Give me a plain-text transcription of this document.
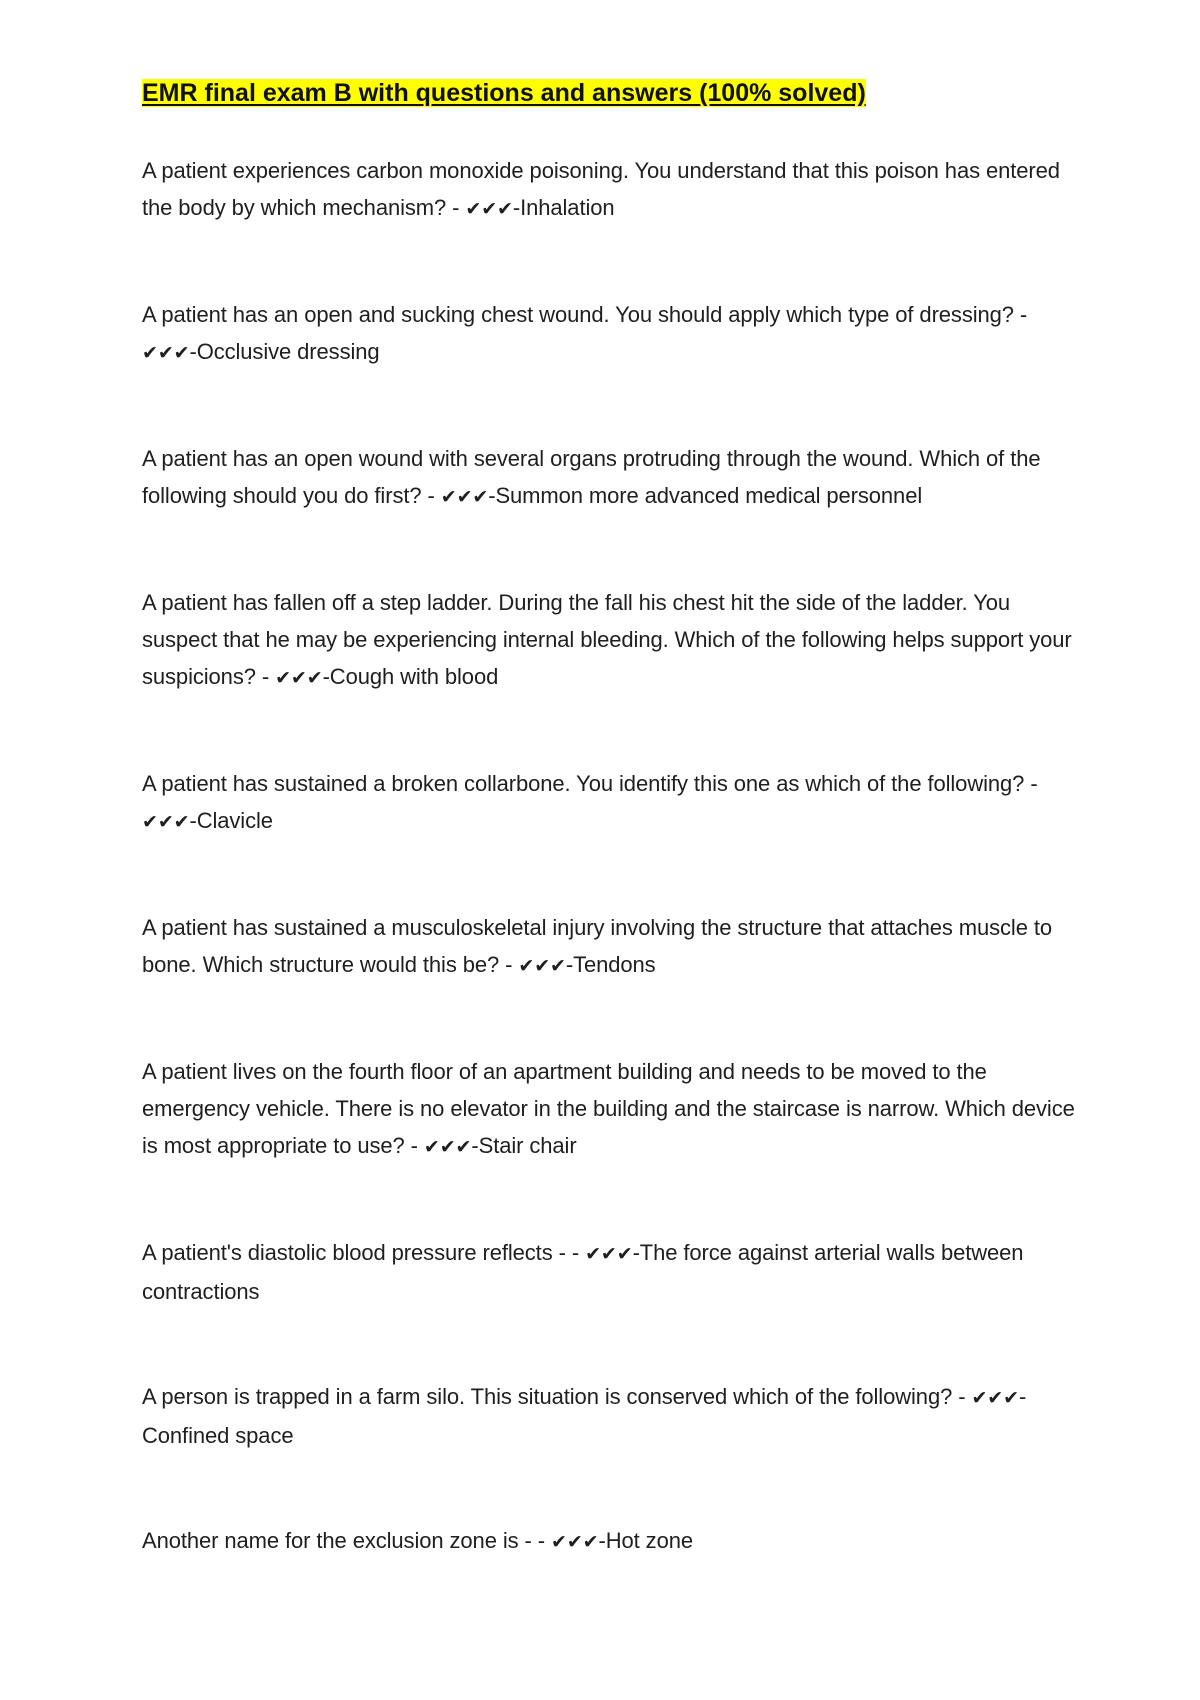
EMR final exam B with questions and answers (100% solved)

A patient experiences carbon monoxide poisoning. You understand that this poison has entered the body by which mechanism? - ✔✔✔-Inhalation

A patient has an open and sucking chest wound. You should apply which type of dressing? - ✔✔✔-Occlusive dressing

A patient has an open wound with several organs protruding through the wound. Which of the following should you do first? - ✔✔✔-Summon more advanced medical personnel

A patient has fallen off a step ladder. During the fall his chest hit the side of the ladder. You suspect that he may be experiencing internal bleeding. Which of the following helps support your suspicions? - ✔✔✔-Cough with blood

A patient has sustained a broken collarbone. You identify this one as which of the following? - ✔✔✔-Clavicle

A patient has sustained a musculoskeletal injury involving the structure that attaches muscle to bone. Which structure would this be? - ✔✔✔-Tendons

A patient lives on the fourth floor of an apartment building and needs to be moved to the emergency vehicle. There is no elevator in the building and the staircase is narrow. Which device is most appropriate to use? - ✔✔✔-Stair chair

A patient's diastolic blood pressure reflects - - ✔✔✔-The force against arterial walls between contractions

A person is trapped in a farm silo. This situation is conserved which of the following? - ✔✔✔-Confined space

Another name for the exclusion zone is - - ✔✔✔-Hot zone
